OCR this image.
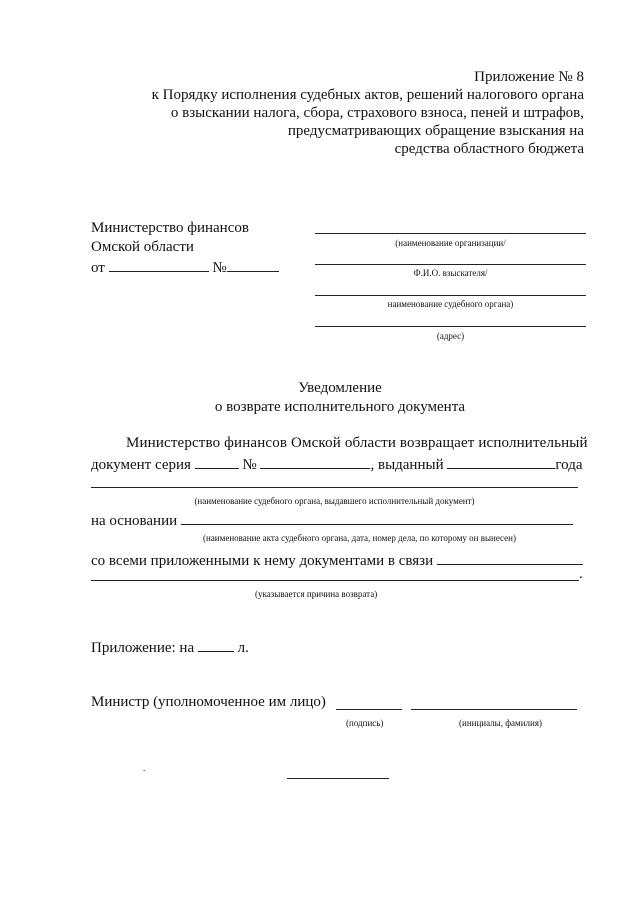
Приложение № 8
к Порядку исполнения судебных актов, решений налогового органа
о взыскании налога, сбора, страхового взноса, пеней и штрафов,
предусматривающих обращение взыскания на
средства областного бюджета
Министерство финансов
Омской области
от	№
(наименование организации/
Ф.И.О. взыскателя/
наименование судебного органа)
(адрес)
Уведомление
о возврате исполнительного документа
Министерство финансов Омской области возвращает исполнительный
документ серия	№	, выданный	года
(наименование судебного органа, выдавшего исполнительный документ)
на основании
(наименование акта судебного органа, дата, номер дела, по которому он вынесен)
со всеми приложенными к нему документами в связи
.
(указывается причина возврата)
Приложение: на	л.
Министр (уполномоченное им лицо)
(подпись)	(инициалы, фамилия)
.
